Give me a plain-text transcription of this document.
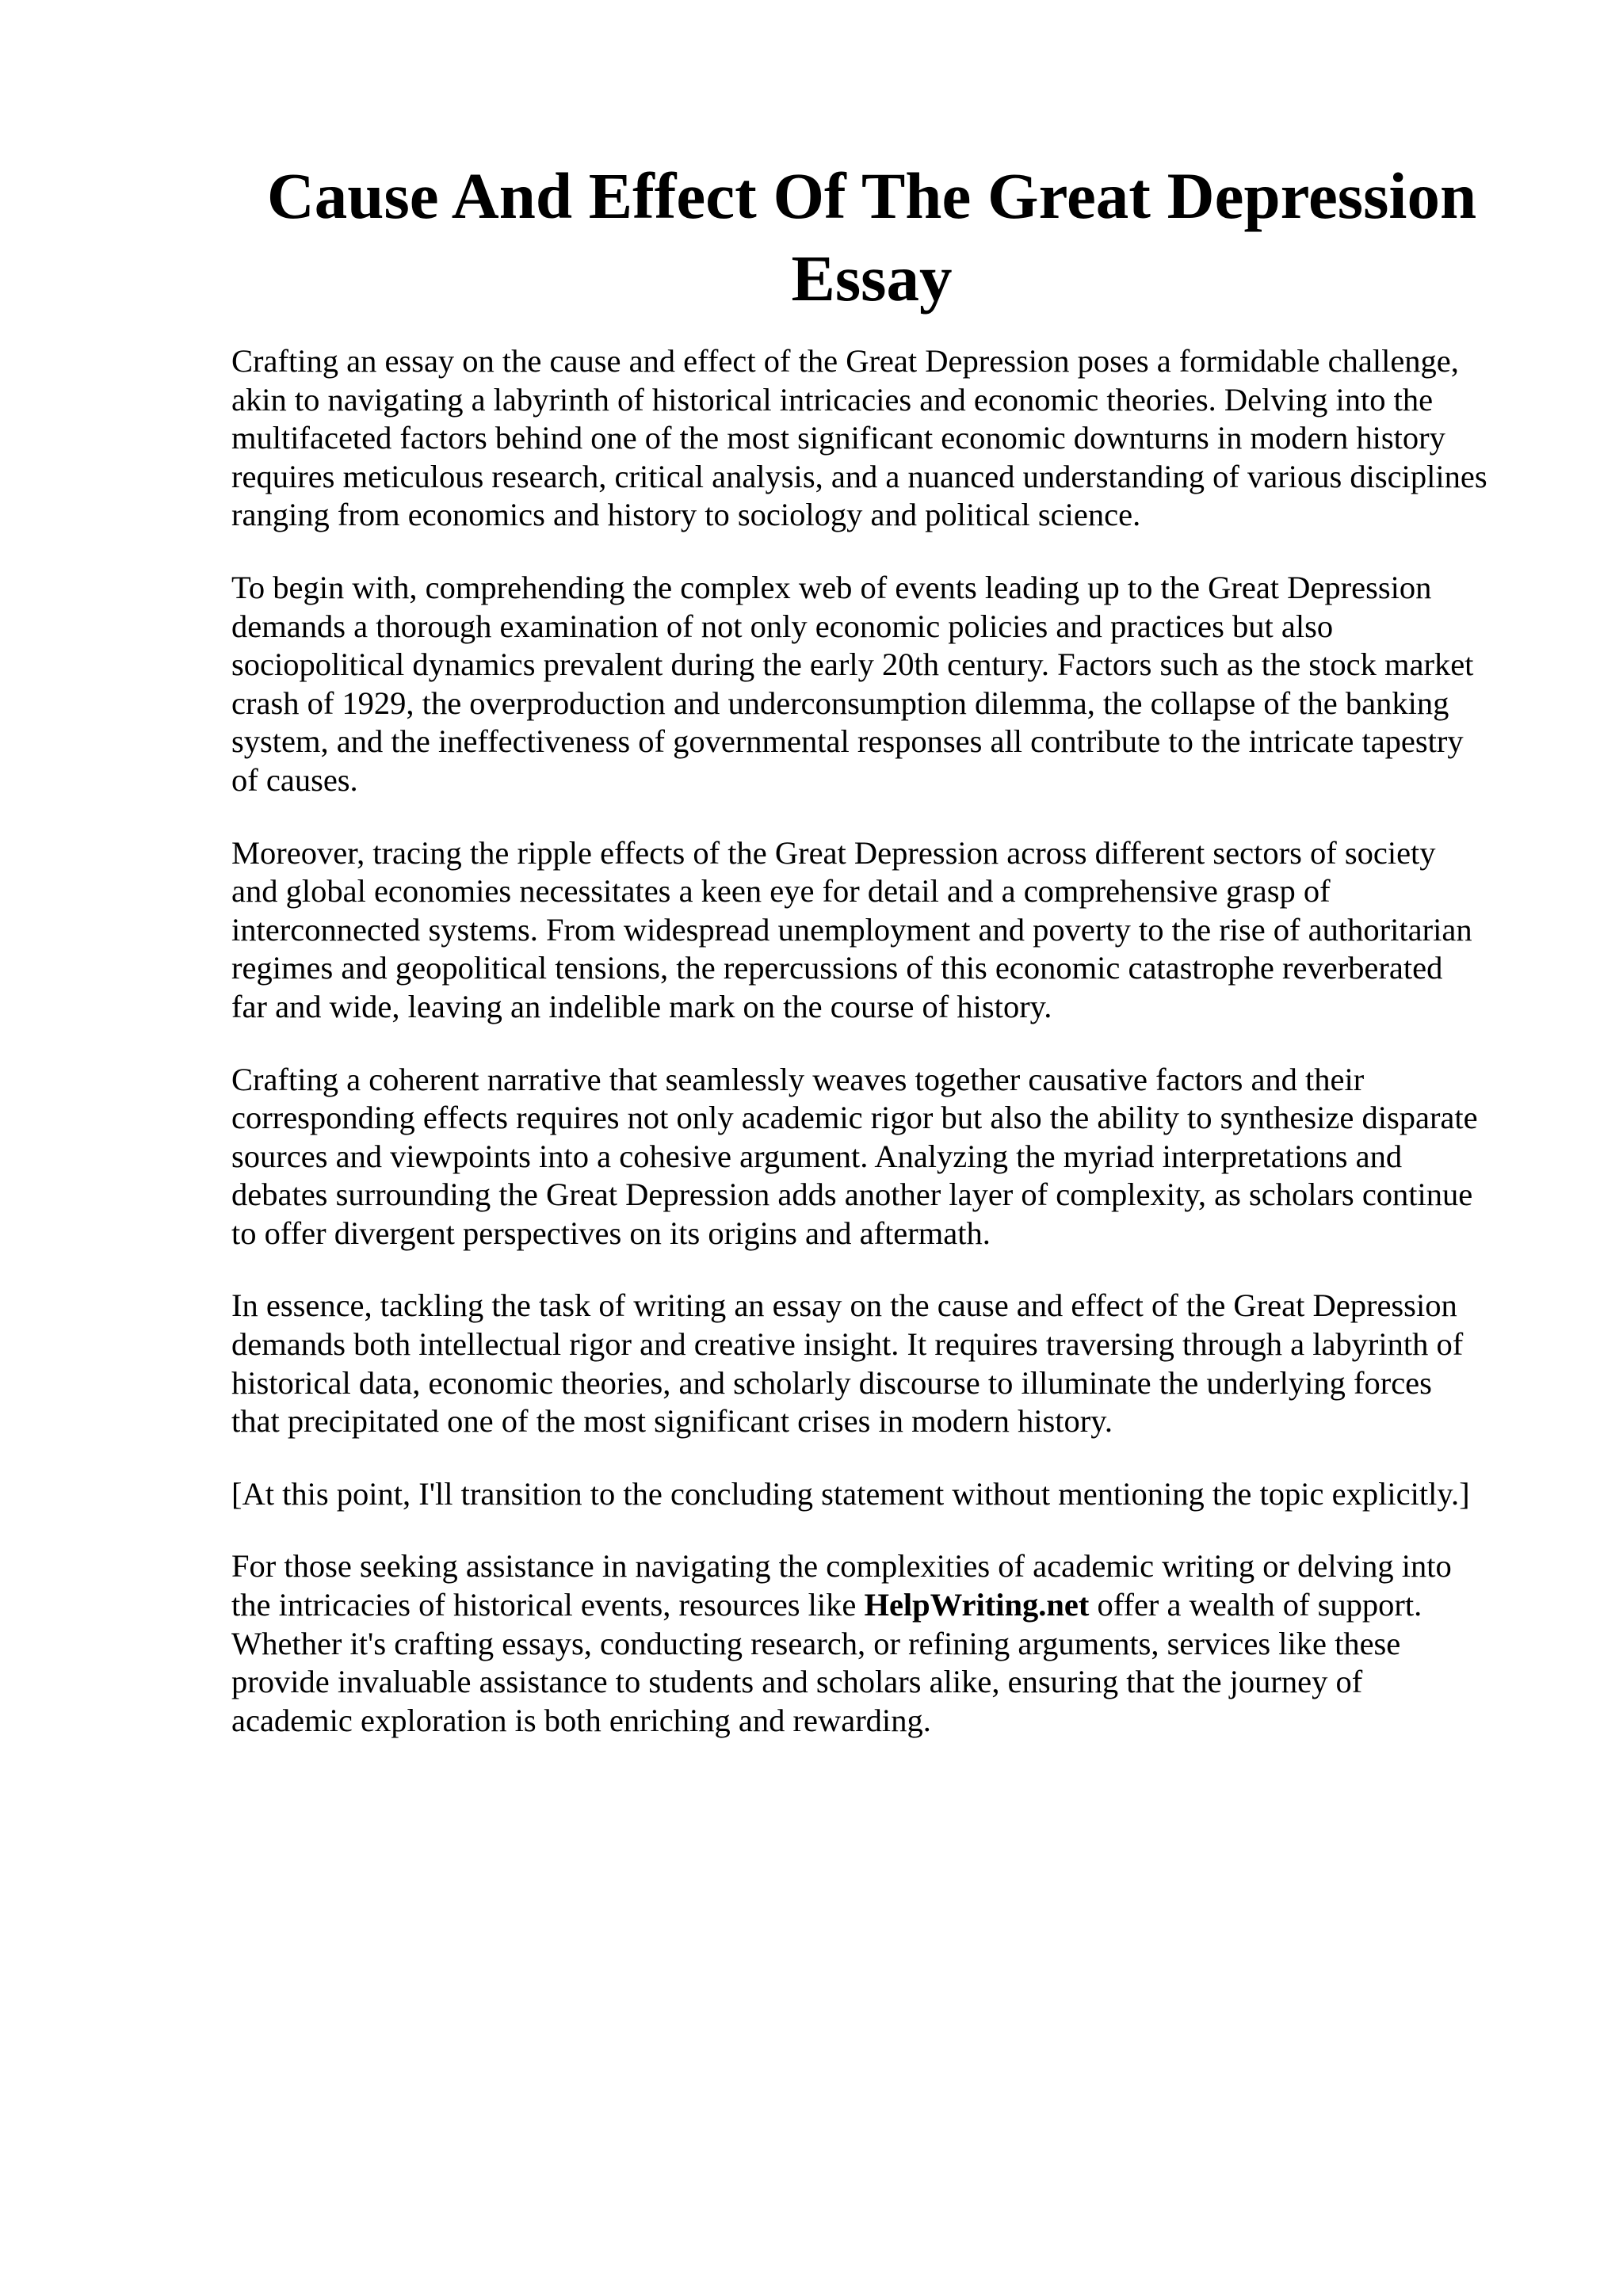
Cause And Effect Of The Great Depression
Essay

Crafting an essay on the cause and effect of the Great Depression poses a formidable challenge,
akin to navigating a labyrinth of historical intricacies and economic theories. Delving into the
multifaceted factors behind one of the most significant economic downturns in modern history
requires meticulous research, critical analysis, and a nuanced understanding of various disciplines
ranging from economics and history to sociology and political science.

To begin with, comprehending the complex web of events leading up to the Great Depression
demands a thorough examination of not only economic policies and practices but also
sociopolitical dynamics prevalent during the early 20th century. Factors such as the stock market
crash of 1929, the overproduction and underconsumption dilemma, the collapse of the banking
system, and the ineffectiveness of governmental responses all contribute to the intricate tapestry
of causes.

Moreover, tracing the ripple effects of the Great Depression across different sectors of society
and global economies necessitates a keen eye for detail and a comprehensive grasp of
interconnected systems. From widespread unemployment and poverty to the rise of authoritarian
regimes and geopolitical tensions, the repercussions of this economic catastrophe reverberated
far and wide, leaving an indelible mark on the course of history.

Crafting a coherent narrative that seamlessly weaves together causative factors and their
corresponding effects requires not only academic rigor but also the ability to synthesize disparate
sources and viewpoints into a cohesive argument. Analyzing the myriad interpretations and
debates surrounding the Great Depression adds another layer of complexity, as scholars continue
to offer divergent perspectives on its origins and aftermath.

In essence, tackling the task of writing an essay on the cause and effect of the Great Depression
demands both intellectual rigor and creative insight. It requires traversing through a labyrinth of
historical data, economic theories, and scholarly discourse to illuminate the underlying forces
that precipitated one of the most significant crises in modern history.

[At this point, I'll transition to the concluding statement without mentioning the topic explicitly.]

For those seeking assistance in navigating the complexities of academic writing or delving into
the intricacies of historical events, resources like HelpWriting.net offer a wealth of support.
Whether it's crafting essays, conducting research, or refining arguments, services like these
provide invaluable assistance to students and scholars alike, ensuring that the journey of
academic exploration is both enriching and rewarding.
